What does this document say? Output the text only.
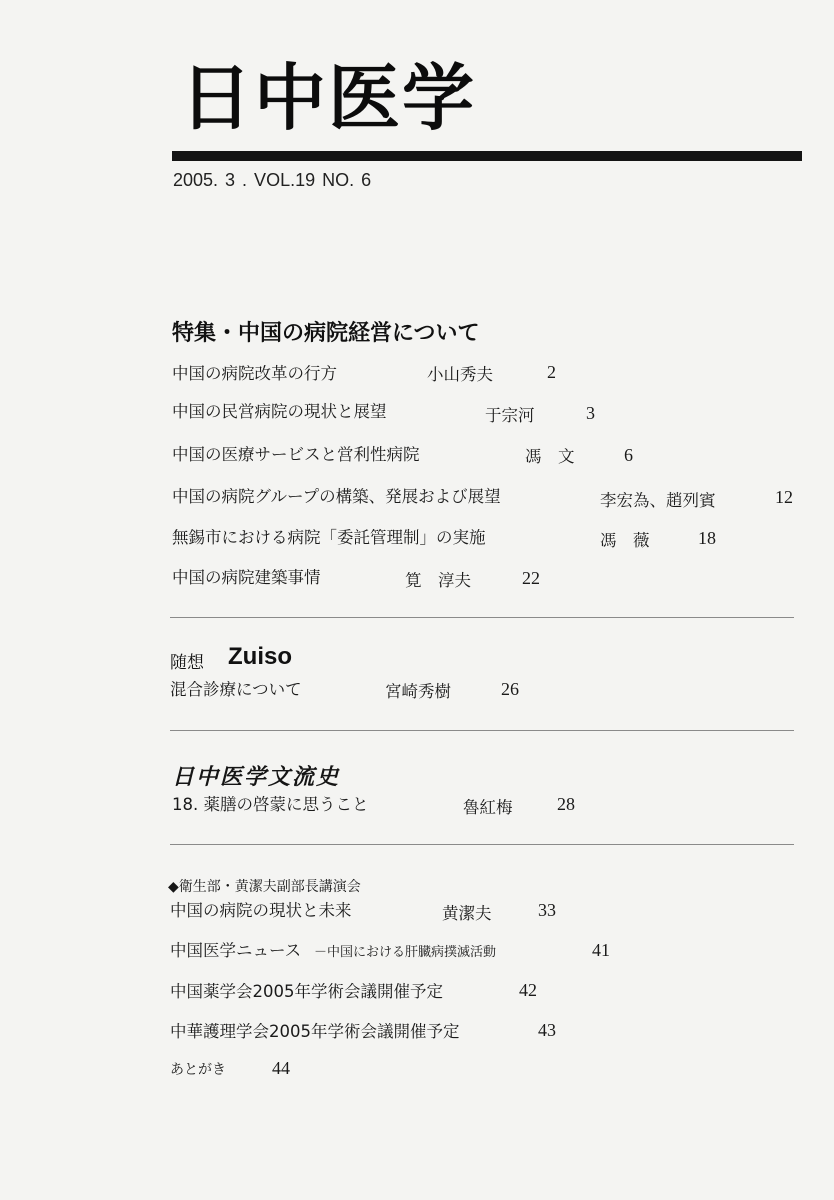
日中医学
2005. 3 . VOL.19 NO. 6
特集・中国の病院経営について
中国の病院改革の行方	小山秀夫	2
中国の民営病院の現状と展望	于宗河	3
中国の医療サービスと営利性病院	馮　文	6
中国の病院グループの構築、発展および展望	李宏為、趙列賓	12
無錫市における病院「委託管理制」の実施	馮　薇	18
中国の病院建築事情	筧　淳夫	22
随想 Zuiso
混合診療について	宮崎秀樹	26
日中医学文流史
18. 薬膳の啓蒙に思うこと	魯紅梅 28
◆衛生部・黄潔夫副部長講演会
中国の病院の現状と未来	黄潔夫	33
中国医学ニュース －中国における肝臓病撲滅活動	41
中国薬学会2005年学術会議開催予定	42
中華護理学会2005年学術会議開催予定	43
あとがき	44
